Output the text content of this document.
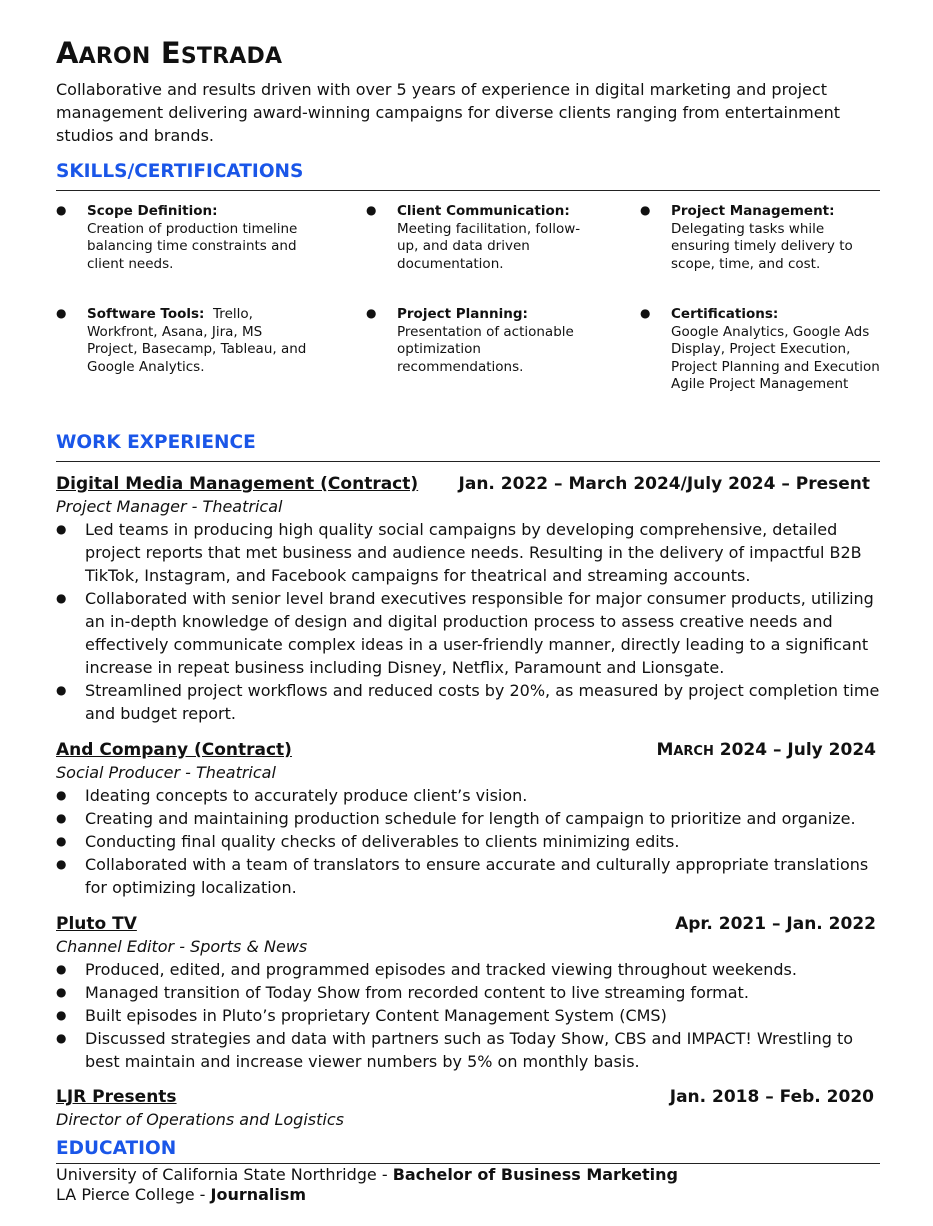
AARON ESTRADA

Collaborative and results driven with over 5 years of experience in digital marketing and project management delivering award-winning campaigns for diverse clients ranging from entertainment studios and brands.

SKILLS/CERTIFICATIONS
● Scope Definition:
Creation of production timeline balancing time constraints and client needs.
● Client Communication:
Meeting facilitation, follow-up, and data driven documentation.
● Project Management:
Delegating tasks while ensuring timely delivery to scope, time, and cost.
● Software Tools: Trello, Workfront, Asana, Jira, MS Project, Basecamp, Tableau, and Google Analytics.
● Project Planning:
Presentation of actionable optimization recommendations.
● Certifications:
Google Analytics, Google Ads Display, Project Execution, Project Planning and Execution Agile Project Management
WORK EXPERIENCE
Digital Media Management (Contract) Jan. 2022 – March 2024/July 2024 – Present
Project Manager - Theatrical
● Led teams in producing high quality social campaigns by developing comprehensive, detailed project reports that met business and audience needs. Resulting in the delivery of impactful B2B TikTok, Instagram, and Facebook campaigns for theatrical and streaming accounts.
● Collaborated with senior level brand executives responsible for major consumer products, utilizing an in-depth knowledge of design and digital production process to assess creative needs and effectively communicate complex ideas in a user-friendly manner, directly leading to a significant increase in repeat business including Disney, Netflix, Paramount and Lionsgate.
● Streamlined project workflows and reduced costs by 20%, as measured by project completion time and budget report.
And Company (Contract)	MARCH 2024 – July 2024
Social Producer - Theatrical
● Ideating concepts to accurately produce client’s vision.
● Creating and maintaining production schedule for length of campaign to prioritize and organize.
● Conducting final quality checks of deliverables to clients minimizing edits.
● Collaborated with a team of translators to ensure accurate and culturally appropriate translations for optimizing localization.
Pluto TV	Apr. 2021 – Jan. 2022
Channel Editor - Sports & News
● Produced, edited, and programmed episodes and tracked viewing throughout weekends.
● Managed transition of Today Show from recorded content to live streaming format.
● Built episodes in Pluto’s proprietary Content Management System (CMS)
● Discussed strategies and data with partners such as Today Show, CBS and IMPACT! Wrestling to best maintain and increase viewer numbers by 5% on monthly basis.
LJR Presents	Jan. 2018 – Feb. 2020
Director of Operations and Logistics
EDUCATION
University of California State Northridge - Bachelor of Business Marketing
LA Pierce College - Journalism
